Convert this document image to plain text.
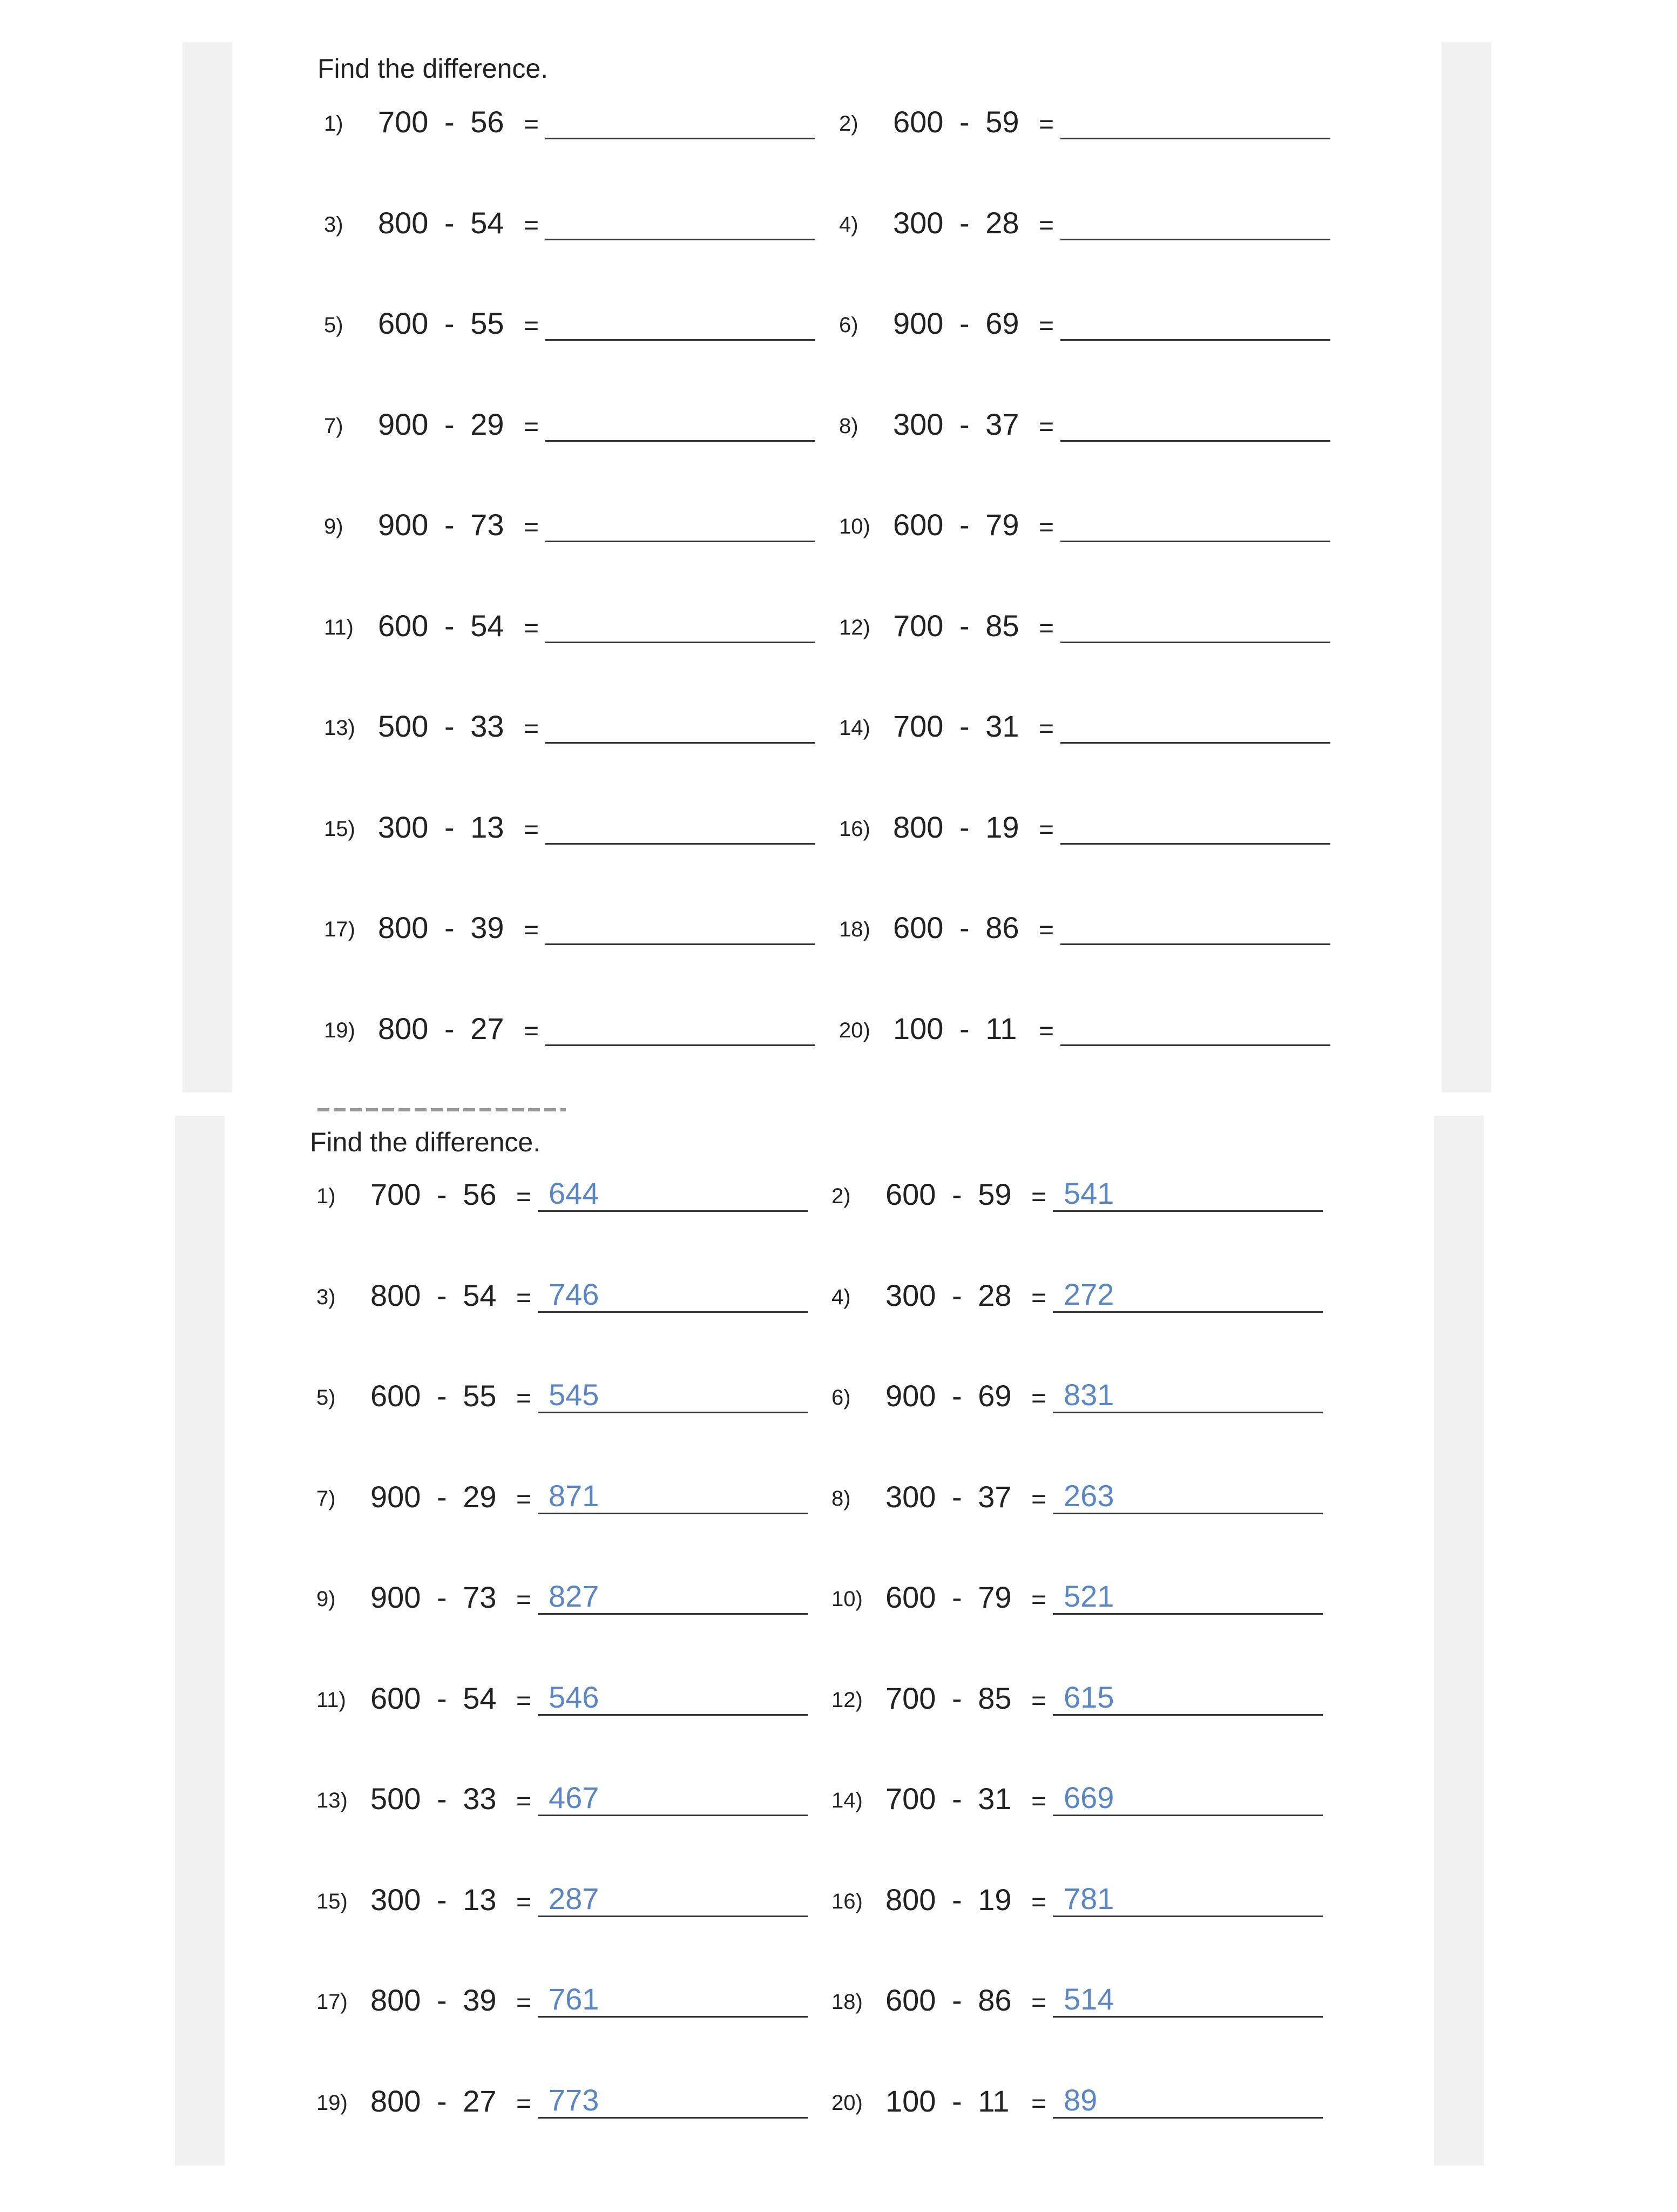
Find the difference.
1) 700 - 56 =	2) 600 - 59 =
3) 800 - 54 =	4) 300 - 28 =
5) 600 - 55 =	6) 900 - 69 =
7) 900 - 29 =	8) 300 - 37 =
9) 900 - 73 =	10) 600 - 79 =
11) 600 - 54 =	12) 700 - 85 =
13) 500 - 33 =	14) 700 - 31 =
15) 300 - 13 =	16) 800 - 19 =
17) 800 - 39 =	18) 600 - 86 =
19) 800 - 27 =	20) 100 - 11 =
Find the difference.
1) 700 - 56 = 644	2) 600 - 59 = 541
3) 800 - 54 = 746	4) 300 - 28 = 272
5) 600 - 55 = 545	6) 900 - 69 = 831
7) 900 - 29 = 871	8) 300 - 37 = 263
9) 900 - 73 = 827	10) 600 - 79 = 521
11) 600 - 54 = 546	12) 700 - 85 = 615
13) 500 - 33 = 467	14) 700 - 31 = 669
15) 300 - 13 = 287	16) 800 - 19 = 781
17) 800 - 39 = 761	18) 600 - 86 = 514
19) 800 - 27 = 773	20) 100 - 11 = 89
